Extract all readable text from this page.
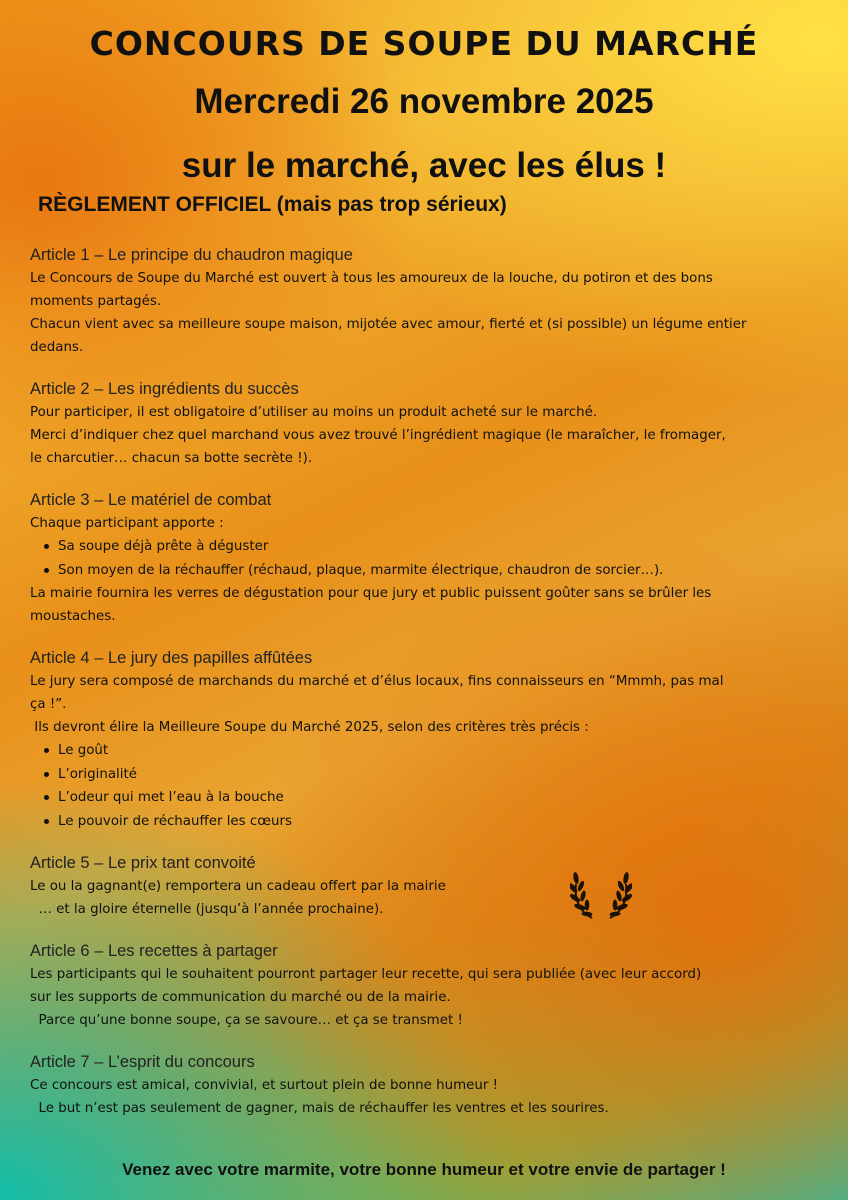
CONCOURS DE SOUPE DU MARCHÉ
Mercredi 26 novembre 2025
sur le marché, avec les élus !
RÈGLEMENT OFFICIEL (mais pas trop sérieux)
Article 1 – Le principe du chaudron magique
Le Concours de Soupe du Marché est ouvert à tous les amoureux de la louche, du potiron et des bons
moments partagés.
Chacun vient avec sa meilleure soupe maison, mijotée avec amour, fierté et (si possible) un légume entier
dedans.
Article 2 – Les ingrédients du succès
Pour participer, il est obligatoire d’utiliser au moins un produit acheté sur le marché.
Merci d’indiquer chez quel marchand vous avez trouvé l’ingrédient magique (le maraîcher, le fromager,
le charcutier… chacun sa botte secrète !).
Article 3 – Le matériel de combat
Chaque participant apporte :
Sa soupe déjà prête à déguster
Son moyen de la réchauffer (réchaud, plaque, marmite électrique, chaudron de sorcier…).
La mairie fournira les verres de dégustation pour que jury et public puissent goûter sans se brûler les
moustaches.
Article 4 – Le jury des papilles affûtées
Le jury sera composé de marchands du marché et d’élus locaux, fins connaisseurs en “Mmmh, pas mal
ça !”.
Ils devront élire la Meilleure Soupe du Marché 2025, selon des critères très précis :
Le goût
L’originalité
L’odeur qui met l’eau à la bouche
Le pouvoir de réchauffer les cœurs
Article 5 – Le prix tant convoité
Le ou la gagnant(e) remportera un cadeau offert par la mairie
… et la gloire éternelle (jusqu’à l’année prochaine).
Article 6 – Les recettes à partager
Les participants qui le souhaitent pourront partager leur recette, qui sera publiée (avec leur accord)
sur les supports de communication du marché ou de la mairie.
Parce qu’une bonne soupe, ça se savoure… et ça se transmet !
Article 7 – L’esprit du concours
Ce concours est amical, convivial, et surtout plein de bonne humeur !
Le but n’est pas seulement de gagner, mais de réchauffer les ventres et les sourires.
Venez avec votre marmite, votre bonne humeur et votre envie de partager !
